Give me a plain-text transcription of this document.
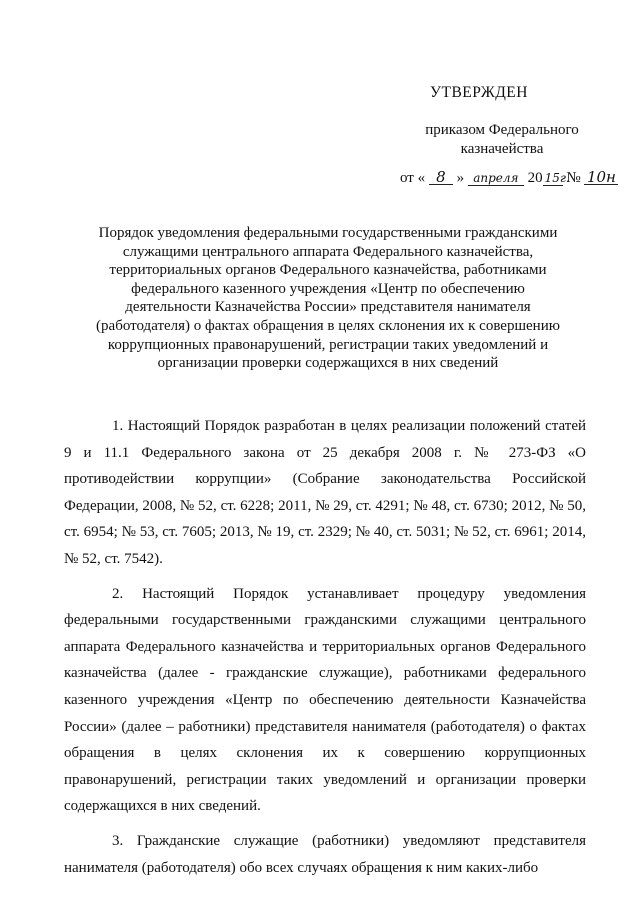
УТВЕРЖДЕН
приказом Федерального казначейства
от « 8 » апреля 20 15г. № 10н
Порядок уведомления федеральными государственными гражданскими служащими центрального аппарата Федерального казначейства, территориальных органов Федерального казначейства, работниками федерального казенного учреждения «Центр по обеспечению деятельности Казначейства России» представителя нанимателя (работодателя) о фактах обращения в целях склонения их к совершению коррупционных правонарушений, регистрации таких уведомлений и организации проверки содержащихся в них сведений

1. Настоящий Порядок разработан в целях реализации положений статей 9 и 11.1 Федерального закона от 25 декабря 2008 г. № 273-ФЗ «О противодействии коррупции» (Собрание законодательства Российской Федерации, 2008, № 52, ст. 6228; 2011, № 29, ст. 4291; № 48, ст. 6730; 2012, № 50, ст. 6954; № 53, ст. 7605; 2013, № 19, ст. 2329; № 40, ст. 5031; № 52, ст. 6961; 2014, № 52, ст. 7542).

2. Настоящий Порядок устанавливает процедуру уведомления федеральными государственными гражданскими служащими центрального аппарата Федерального казначейства и территориальных органов Федерального казначейства (далее - гражданские служащие), работниками федерального казенного учреждения «Центр по обеспечению деятельности Казначейства России» (далее – работники) представителя нанимателя (работодателя) о фактах обращения в целях склонения их к совершению коррупционных правонарушений, регистрации таких уведомлений и организации проверки содержащихся в них сведений.

3. Гражданские служащие (работники) уведомляют представителя нанимателя (работодателя) обо всех случаях обращения к ним каких-либо
